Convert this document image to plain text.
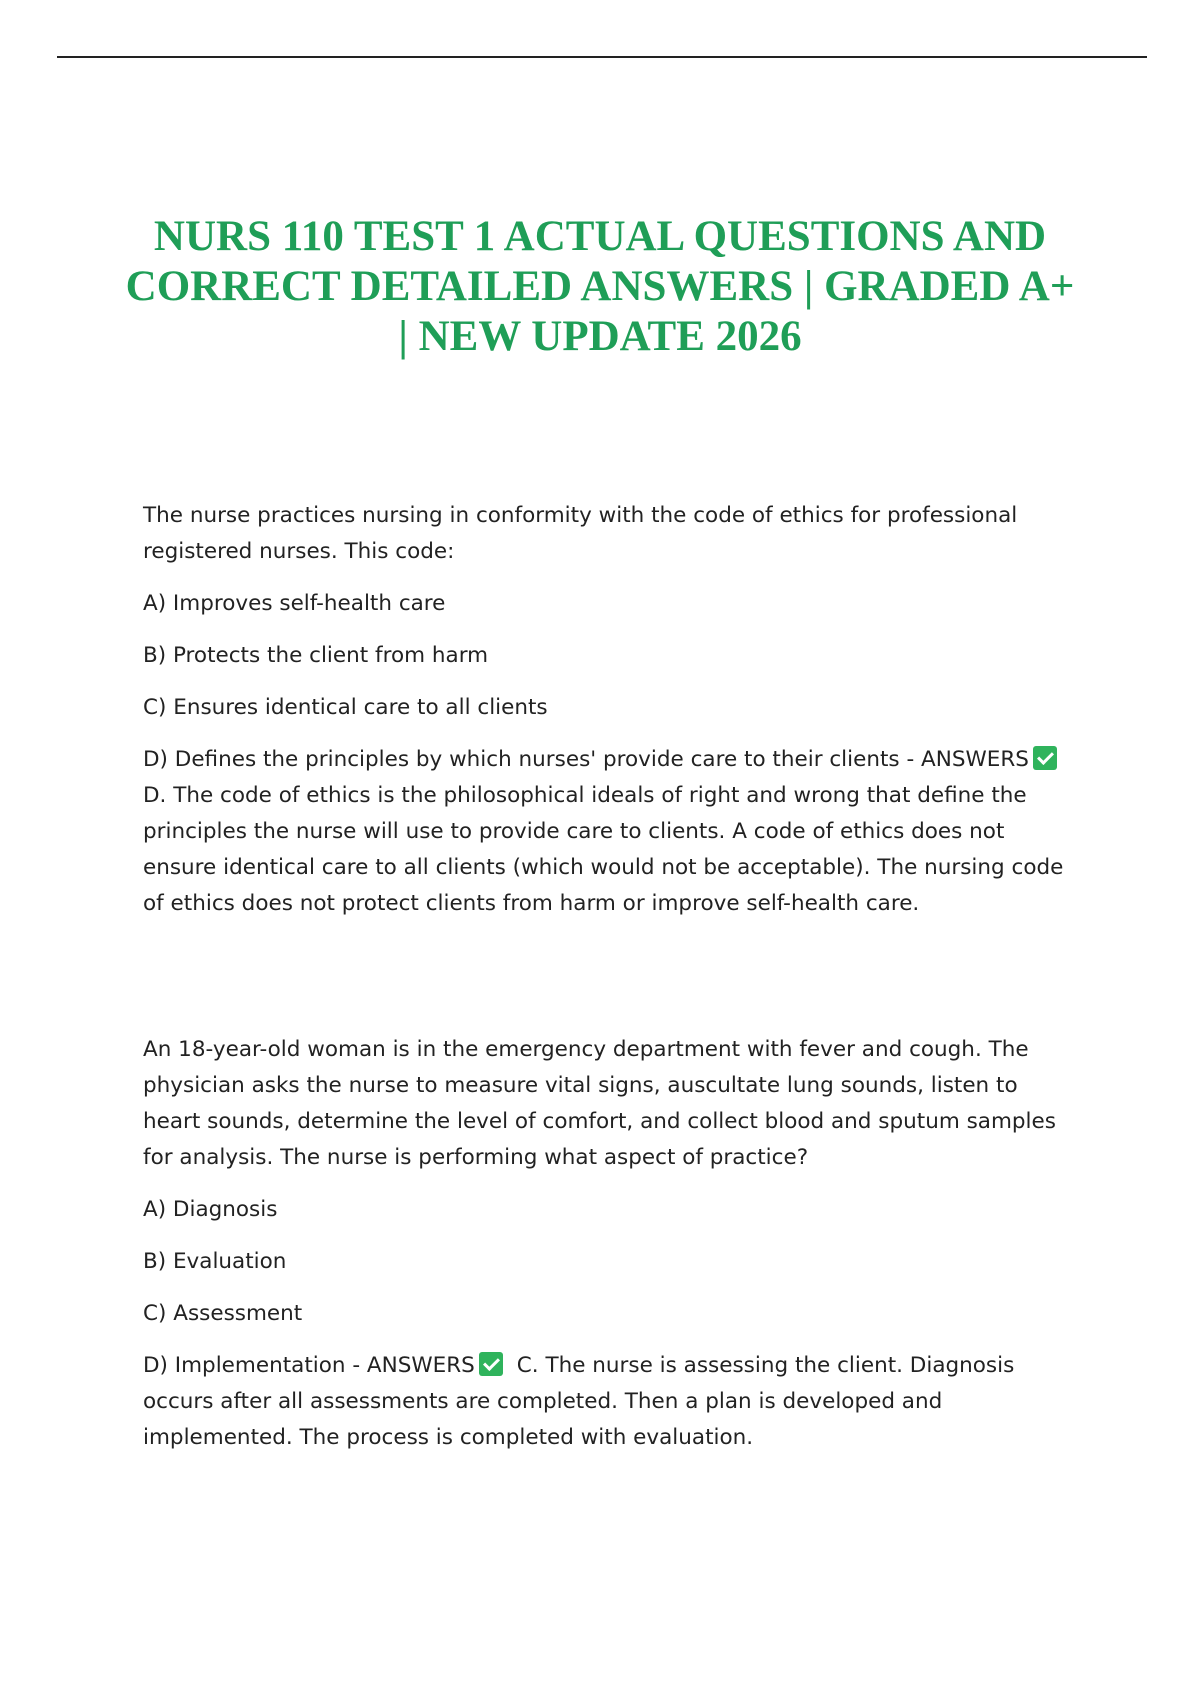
NURS 110 TEST 1 ACTUAL QUESTIONS AND CORRECT DETAILED ANSWERS | GRADED A+ | NEW UPDATE 2026

The nurse practices nursing in conformity with the code of ethics for professional registered nurses. This code:

A) Improves self-health care

B) Protects the client from harm

C) Ensures identical care to all clients

D) Defines the principles by which nurses' provide care to their clients - ANSWERSD. The code of ethics is the philosophical ideals of right and wrong that define the principles the nurse will use to provide care to clients. A code of ethics does not ensure identical care to all clients (which would not be acceptable). The nursing code of ethics does not protect clients from harm or improve self-health care.

An 18-year-old woman is in the emergency department with fever and cough. The physician asks the nurse to measure vital signs, auscultate lung sounds, listen to heart sounds, determine the level of comfort, and collect blood and sputum samples for analysis. The nurse is performing what aspect of practice?

A) Diagnosis

B) Evaluation

C) Assessment

D) Implementation - ANSWERS C. The nurse is assessing the client. Diagnosis occurs after all assessments are completed. Then a plan is developed and implemented. The process is completed with evaluation.
